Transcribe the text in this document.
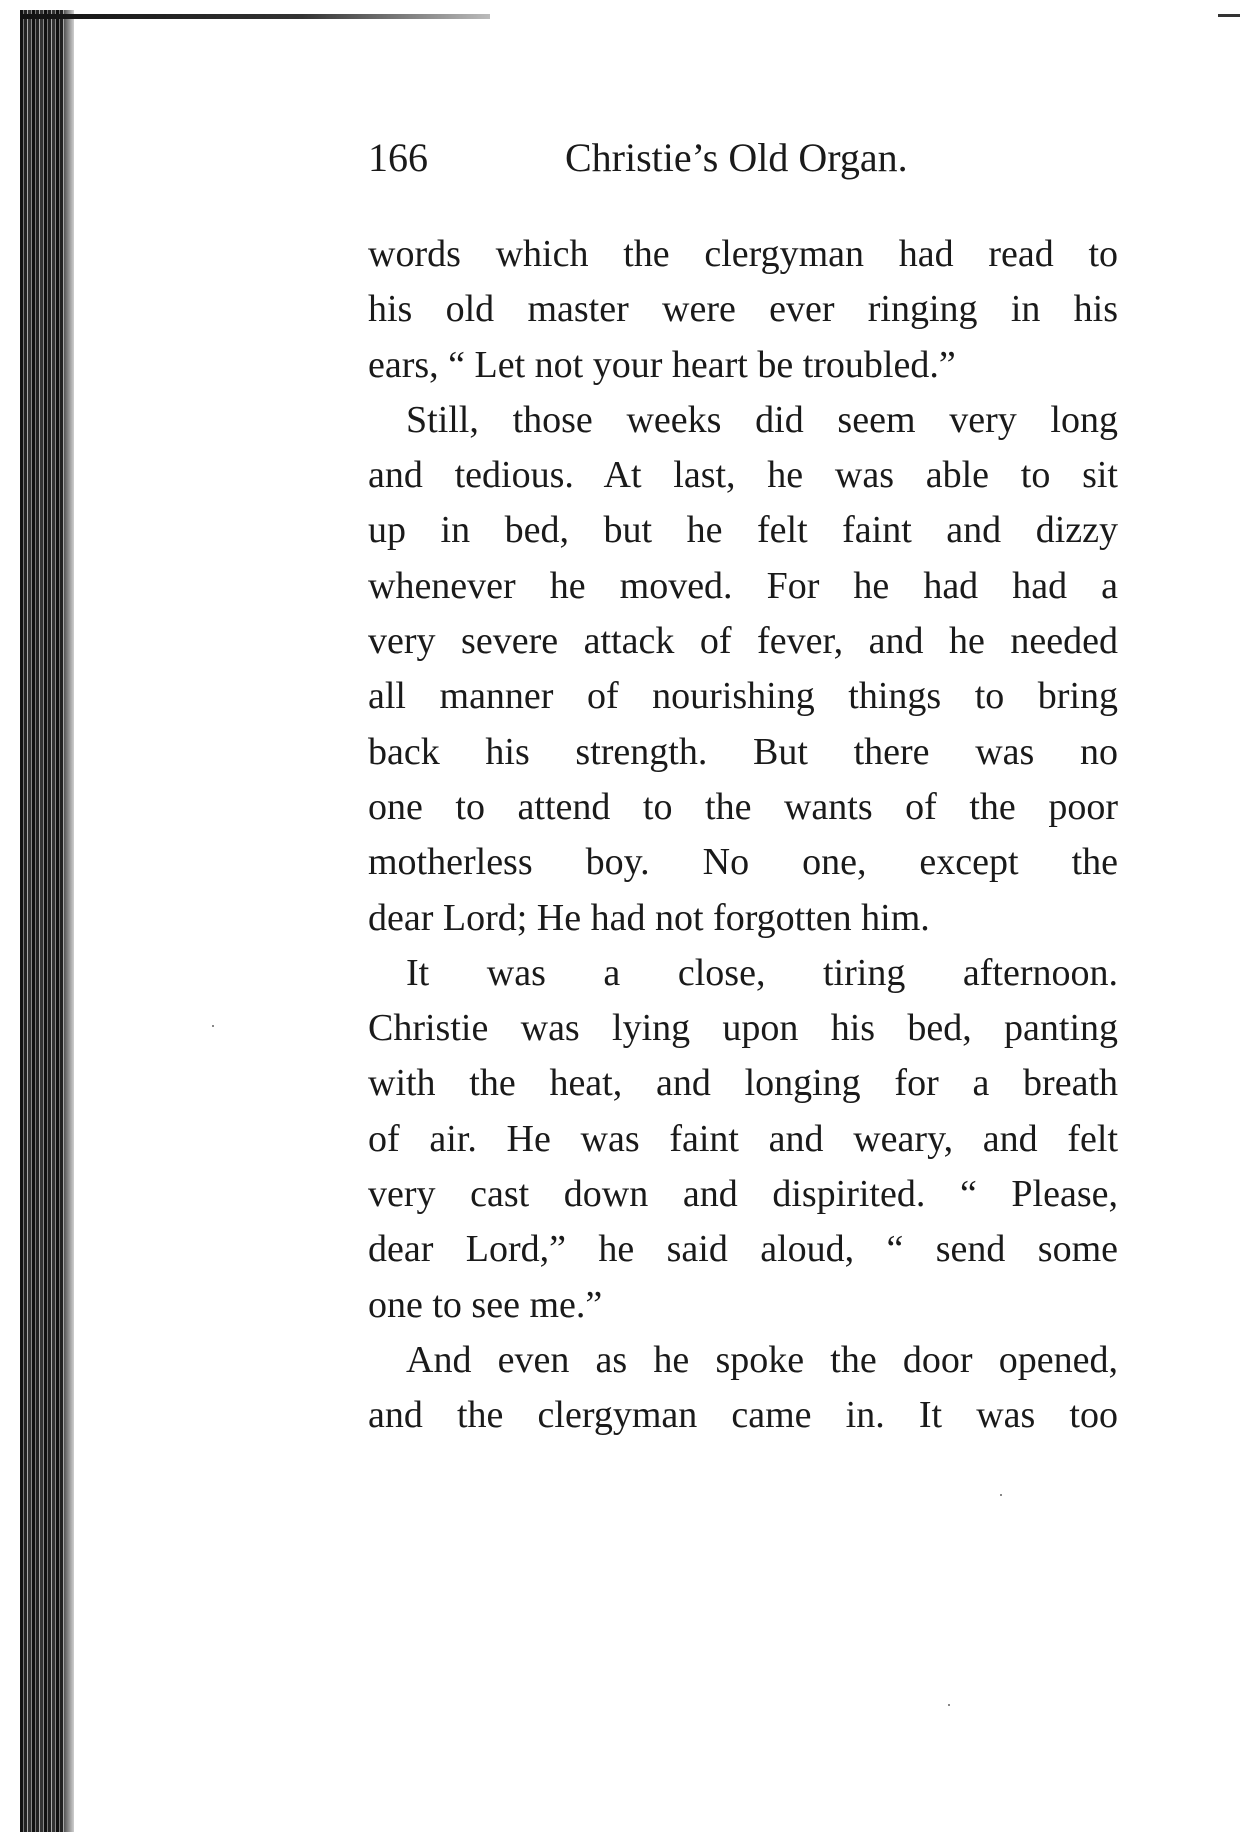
166	Christie’s Old Organ.
words which the clergyman had read to
his old master were ever ringing in his
ears, “ Let not your heart be troubled.”
Still, those weeks did seem very long
and tedious. At last, he was able to sit
up in bed, but he felt faint and dizzy
whenever he moved. For he had had a
very severe attack of fever, and he needed
all manner of nourishing things to bring
back his strength. But there was no
one to attend to the wants of the poor
motherless boy. No one, except the
dear Lord; He had not forgotten him.
It was a close, tiring afternoon.
Christie was lying upon his bed, panting
with the heat, and longing for a breath
of air. He was faint and weary, and felt
very cast down and dispirited. “ Please,
dear Lord,” he said aloud, “ send some
one to see me.”
And even as he spoke the door opened,
and the clergyman came in. It was too
